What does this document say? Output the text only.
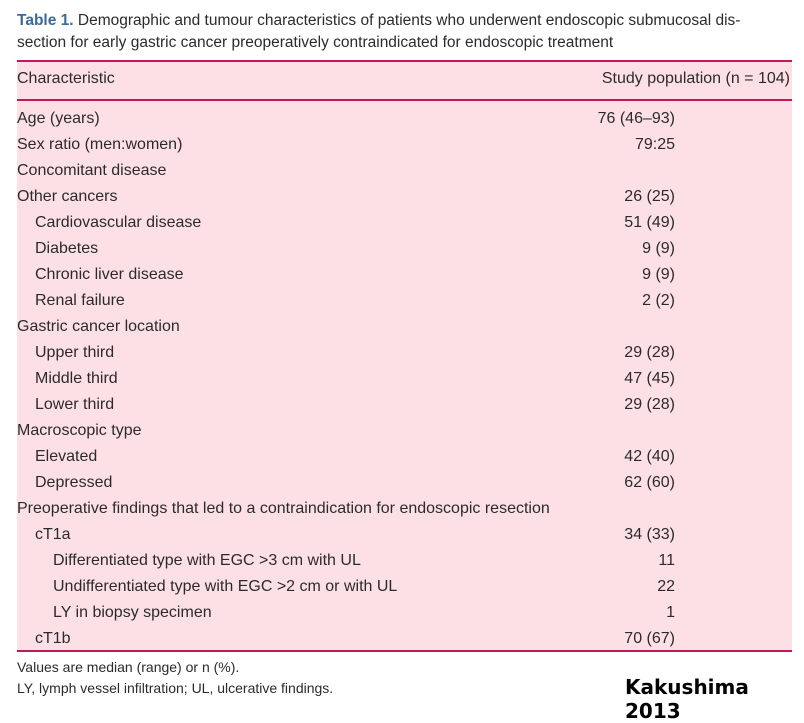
Table 1. Demographic and tumour characteristics of patients who underwent endoscopic submucosal dis-section for early gastric cancer preoperatively contraindicated for endoscopic treatment
Characteristic	Study population (n = 104)
Age (years)	76 (46–93)
Sex ratio (men:women)	79:25
Concomitant disease
Other cancers	26 (25)
Cardiovascular disease	51 (49)
Diabetes	9 (9)
Chronic liver disease	9 (9)
Renal failure	2 (2)
Gastric cancer location
Upper third	29 (28)
Middle third	47 (45)
Lower third	29 (28)
Macroscopic type
Elevated	42 (40)
Depressed	62 (60)
Preoperative findings that led to a contraindication for endoscopic resection
cT1a	34 (33)
Differentiated type with EGC >3 cm with UL	11
Undifferentiated type with EGC >2 cm or with UL	22
LY in biopsy specimen	1
cT1b	70 (67)
Values are median (range) or n (%).
LY, lymph vessel infiltration; UL, ulcerative findings.	Kakushima 2013
